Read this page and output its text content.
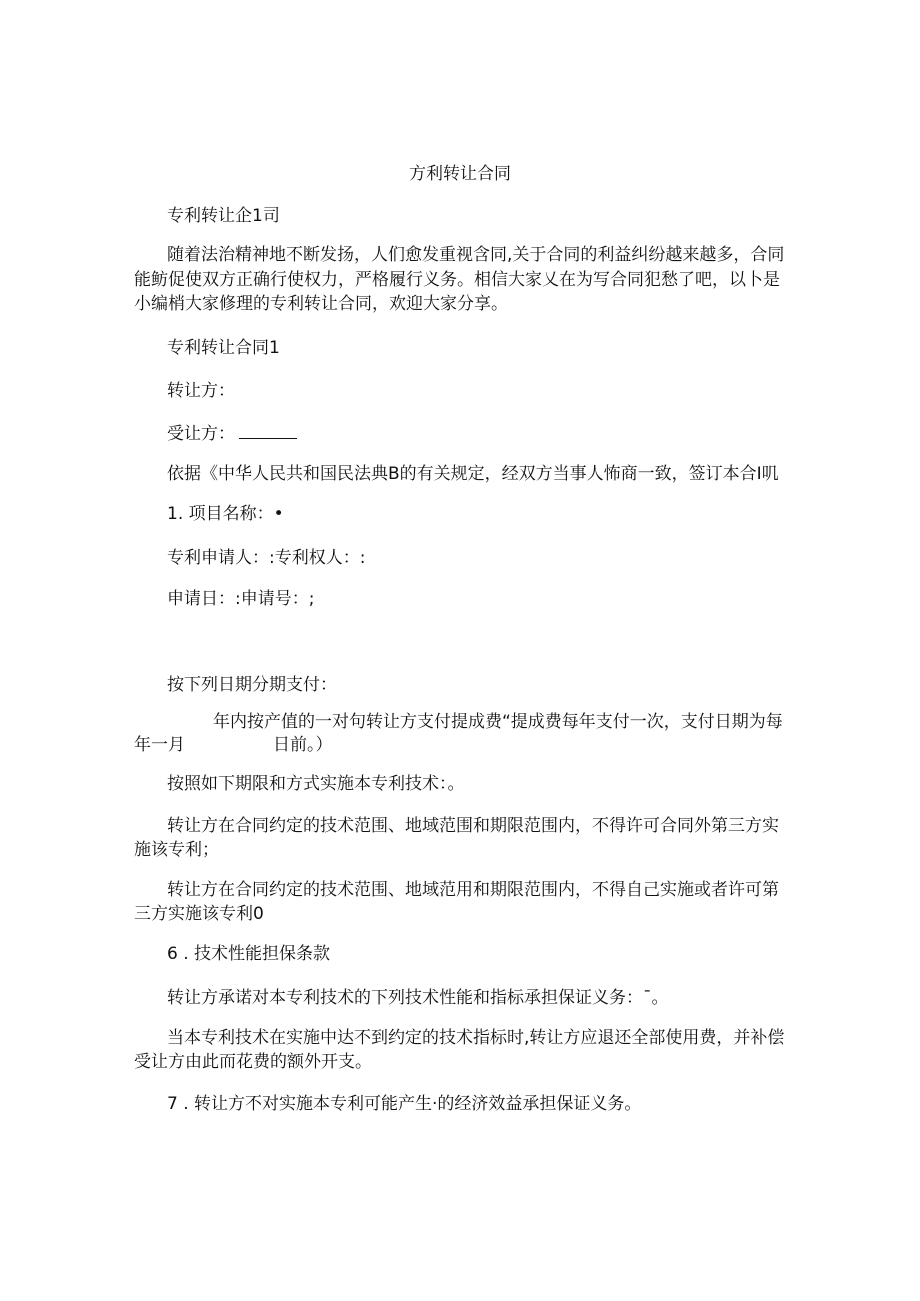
方利转让合同
专利转让企1司
随着法治精神地不断发扬，人们愈发重视含同,关于合同的利益纠纷越来越多，合同
能鲂促使双方正确行使权力，严格履行义务。相信大家乂在为写合同犯愁了吧，以卜是
小编梢大家修理的专利转让合同，欢迎大家分享。
专利转让合同1
转让方：
受让方：
依据《中华人民共和国民法典B的有关规定，经双方当事人怖商一致，签订本合I叽
1. 项目名称：•
专利申请人：:专利权人：:
申请日：:申请号：;
按下列日期分期支付：
年内按产值的一对句转让方支付提成费“提成费每年支付一次，支付日期为每
年一月	日前。）
按照如下期限和方式实施本专利技术：。
转让方在合同约定的技术范围、地域范围和期限范围内，不得许可合同外第三方实
施该专利；
转让方在合同约定的技术范围、地域范用和期限范围内，不得自己实施或者许可第
三方实施该专利0
6 . 技术性能担保条款
转让方承诺对本专利技术的下列技术性能和指标承担保证义务：¯。
当本专利技术在实施中达不到约定的技术指标时,转让方应退还全部使用费，并补偿
受让方由此而花费的额外开支。
7 . 转让方不对实施本专利可能产生·的经济效益承担保证义务。
